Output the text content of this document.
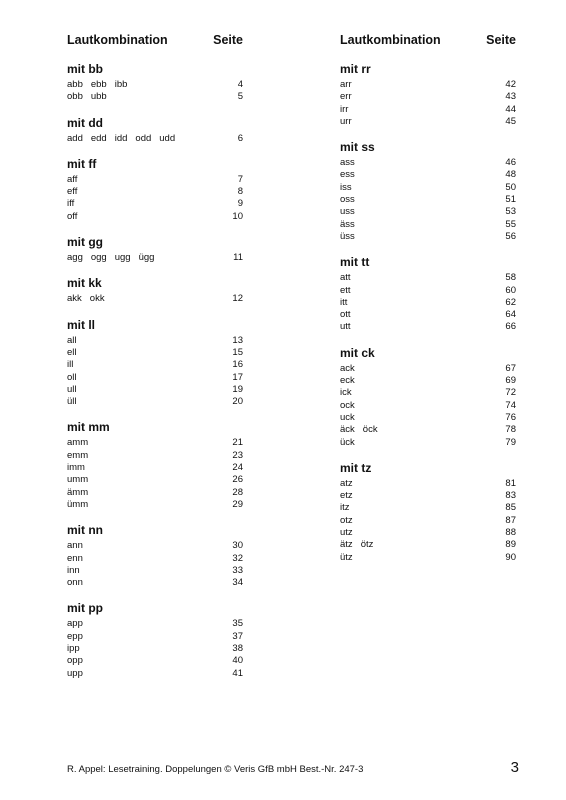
Lautkombination	Seite
mit bb
abb ebb ibb	4
obb ubb	5
mit dd
add edd idd odd udd	6
mit ff
aff	7
eff	8
iff	9
off	10
mit gg
agg ogg ugg ügg	11
mit kk
akk okk	12
mit ll
all	13
ell	15
ill	16
oll	17
ull	19
üll	20
mit mm
amm	21
emm	23
imm	24
umm	26
ämm	28
ümm	29
mit nn
ann	30
enn	32
inn	33
onn	34
mit pp
app	35
epp	37
ipp	38
opp	40
upp	41
Lautkombination	Seite
mit rr
arr	42
err	43
irr	44
urr	45
mit ss
ass	46
ess	48
iss	50
oss	51
uss	53
äss	55
üss	56
mit tt
att	58
ett	60
itt	62
ott	64
utt	66
mit ck
ack	67
eck	69
ick	72
ock	74
uck	76
äck öck	78
ück	79
mit tz
atz	81
etz	83
itz	85
otz	87
utz	88
ätz ötz	89
ütz	90
R. Appel: Lesetraining. Doppelungen © Veris GfB mbH Best.-Nr. 247-3	3
